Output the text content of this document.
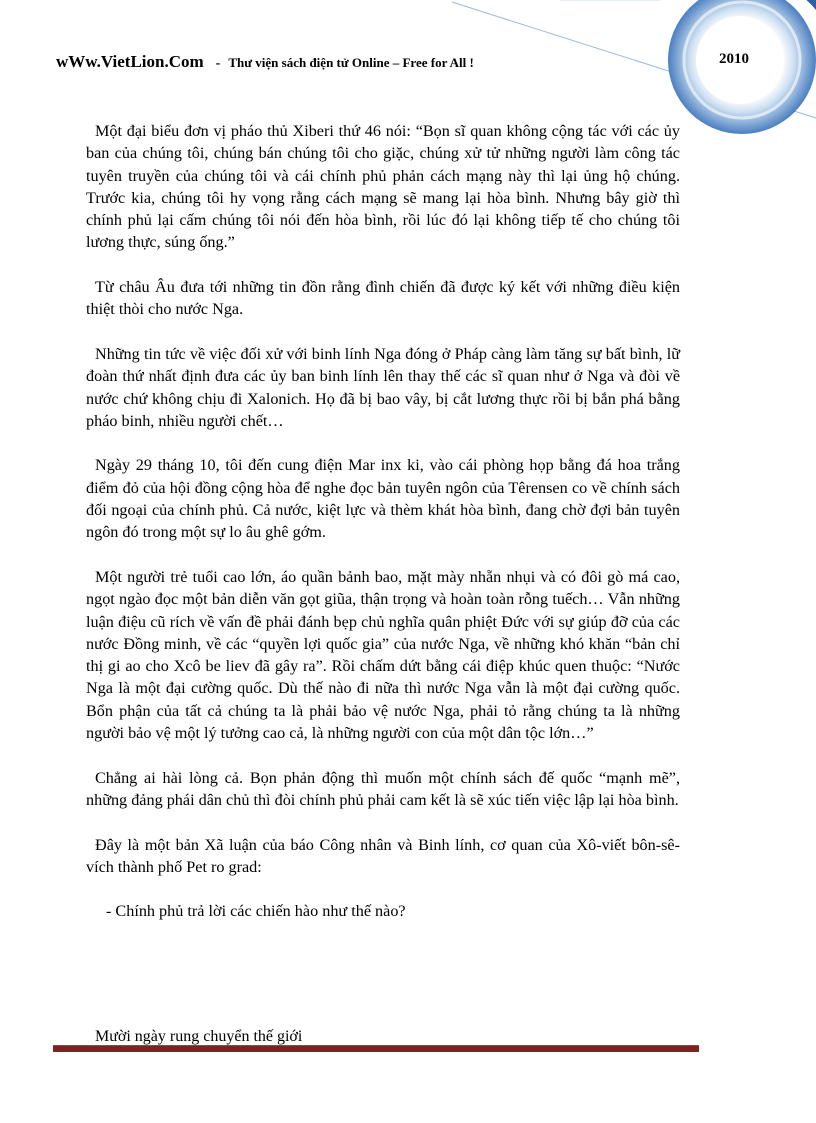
wWw.VietLion.Com - Thư viện sách điện tử Online – Free for All !	2010

Một đại biểu đơn vị pháo thủ Xiberi thứ 46 nói: “Bọn sĩ quan không cộng tác với các ủy ban của chúng tôi, chúng bán chúng tôi cho giặc, chúng xử tử những người làm công tác tuyên truyền của chúng tôi và cái chính phủ phản cách mạng này thì lại ủng hộ chúng. Trước kia, chúng tôi hy vọng rằng cách mạng sẽ mang lại hòa bình. Nhưng bây giờ thì chính phủ lại cấm chúng tôi nói đến hòa bình, rồi lúc đó lại không tiếp tế cho chúng tôi lương thực, súng ống.”

Từ châu Âu đưa tới những tin đồn rằng đình chiến đã được ký kết với những điều kiện thiệt thòi cho nước Nga.

Những tin tức về việc đối xử với binh lính Nga đóng ở Pháp càng làm tăng sự bất bình, lữ đoàn thứ nhất định đưa các ủy ban binh lính lên thay thế các sĩ quan như ở Nga và đòi về nước chứ không chịu đi Xalonich. Họ đã bị bao vây, bị cắt lương thực rồi bị bắn phá bằng pháo binh, nhiều người chết…

Ngày 29 tháng 10, tôi đến cung điện Mar inx ki, vào cái phòng họp bằng đá hoa trắng điểm đỏ của hội đồng cộng hòa để nghe đọc bản tuyên ngôn của Têrensen co về chính sách đối ngoại của chính phủ. Cả nước, kiệt lực và thèm khát hòa bình, đang chờ đợi bản tuyên ngôn đó trong một sự lo âu ghê gớm.

Một người trẻ tuổi cao lớn, áo quần bảnh bao, mặt mày nhẵn nhụi và có đôi gò má cao, ngọt ngào đọc một bản diễn văn gọt giũa, thận trọng và hoàn toàn rỗng tuếch… Vẫn những luận điệu cũ rích về vấn đề phải đánh bẹp chủ nghĩa quân phiệt Đức với sự giúp đỡ của các nước Đồng minh, về các “quyền lợi quốc gia” của nước Nga, về những khó khăn “bản chỉ thị gi ao cho Xcô be liev đã gây ra”. Rồi chấm dứt bằng cái điệp khúc quen thuộc: “Nước Nga là một đại cường quốc. Dù thế nào đi nữa thì nước Nga vẫn là một đại cường quốc. Bổn phận của tất cả chúng ta là phải bảo vệ nước Nga, phải tỏ rằng chúng ta là những người bảo vệ một lý tưởng cao cả, là những người con của một dân tộc lớn…”

Chẳng ai hài lòng cả. Bọn phản động thì muốn một chính sách đế quốc “mạnh mẽ”, những đảng phái dân chủ thì đòi chính phủ phải cam kết là sẽ xúc tiến việc lập lại hòa bình.

Đây là một bản Xã luận của báo Công nhân và Binh lính, cơ quan của Xô-viết bôn-sê-vích thành phố Pet ro grad:

- Chính phủ trả lời các chiến hào như thế nào?

Mười ngày rung chuyển thế giới
